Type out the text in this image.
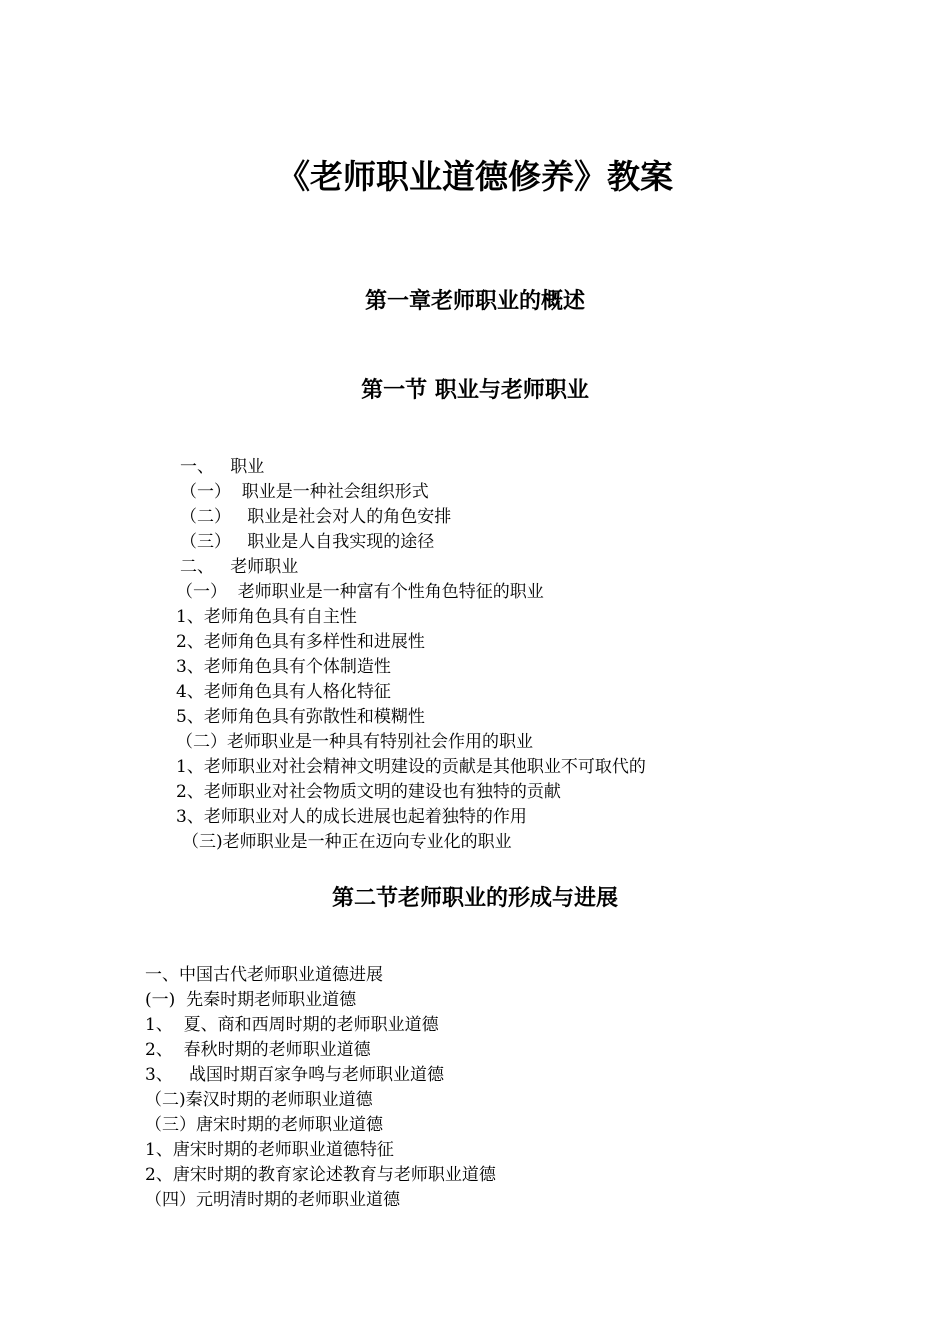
《老师职业道德修养》教案
第一章老师职业的概述
第一节 职业与老师职业

一、   职业

（一）  职业是一种社会组织形式

（二）   职业是社会对人的角色安排

（三）   职业是人自我实现的途径

二、   老师职业

（一）  老师职业是一种富有个性角色特征的职业

1、老师角色具有自主性

2、老师角色具有多样性和进展性

3、老师角色具有个体制造性

4、老师角色具有人格化特征

5、老师角色具有弥散性和模糊性

（二）老师职业是一种具有特别社会作用的职业

1、老师职业对社会精神文明建设的贡献是其他职业不可取代的

2、老师职业对社会物质文明的建设也有独特的贡献

3、老师职业对人的成长进展也起着独特的作用

（三)老师职业是一种正在迈向专业化的职业

第二节老师职业的形成与进展

一、中国古代老师职业道德进展

(一)  先秦时期老师职业道德

1、  夏、商和西周时期的老师职业道德

2、  春秋时期的老师职业道德

3、   战国时期百家争鸣与老师职业道德

（二)秦汉时期的老师职业道德

（三）唐宋时期的老师职业道德

1、唐宋时期的老师职业道德特征

2、唐宋时期的教育家论述教育与老师职业道德

（四）元明清时期的老师职业道德
